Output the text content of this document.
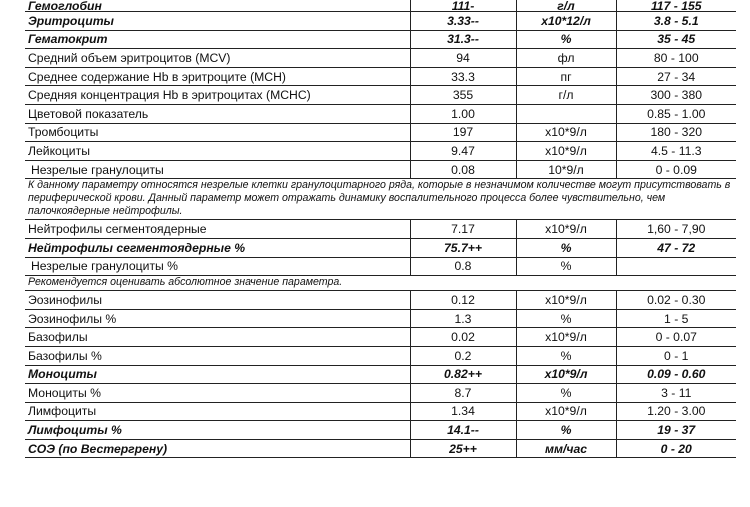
Гемоглобин	111-	г/л	117 - 155
Эритроциты	3.33--	x10*12/л	3.8 - 5.1
Гематокрит	31.3--	%	35 - 45
Средний объем эритроцитов (MCV)	94	фл	80 - 100
Среднее содержание Hb в эритроците (MCH)	33.3	пг	27 - 34
Средняя концентрация Hb в эритроцитах (MCHC)	355	г/л	300 - 380
Цветовой показатель	1.00		0.85 - 1.00
Тромбоциты	197	x10*9/л	180 - 320
Лейкоциты	9.47	x10*9/л	4.5 - 11.3
Незрелые гранулоциты	0.08	10*9/л	0 - 0.09
К данному параметру относятся незрелые клетки гранулоцитарного ряда, которые в незначимом количестве могут присутствовать в периферической крови. Данный параметр может отражать динамику воспалительного процесса более чувствительно, чем палочкоядерные нейтрофилы.			
Нейтрофилы сегментоядерные	7.17	x10*9/л	1,60 - 7,90
Нейтрофилы сегментоядерные %	75.7++	%	47 - 72
Незрелые гранулоциты %	0.8	%	
Рекомендуется оценивать абсолютное значение параметра.			
Эозинофилы	0.12	x10*9/л	0.02 - 0.30
Эозинофилы %	1.3	%	1 - 5
Базофилы	0.02	x10*9/л	0 - 0.07
Базофилы %	0.2	%	0 - 1
Моноциты	0.82++	x10*9/л	0.09 - 0.60
Моноциты %	8.7	%	3 - 11
Лимфоциты	1.34	x10*9/л	1.20 - 3.00
Лимфоциты %	14.1--	%	19 - 37
СОЭ (по Вестергрену)	25++	мм/час	0 - 20
